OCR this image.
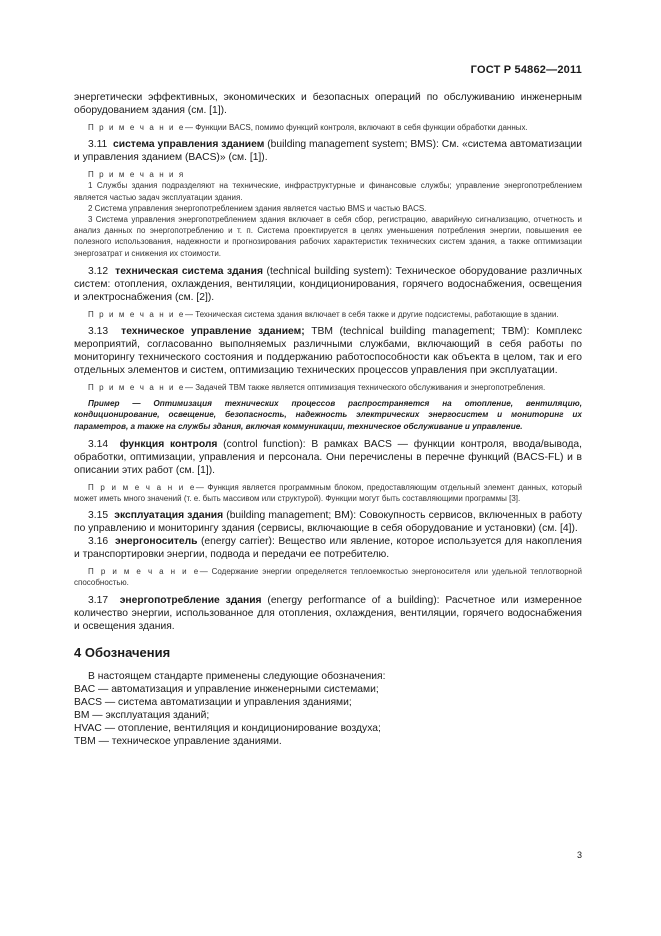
ГОСТ Р 54862—2011

энергетически эффективных, экономических и безопасных операций по обслуживанию инженерным оборудованием здания (см. [1]).

П р и м е ч а н и е— Функции BACS, помимо функций контроля, включают в себя функции обработки данных.

3.11 система управления зданием (building management system; BMS): См. «система автоматизации и управления зданием (BACS)» (см. [1]).

П р и м е ч а н и я

1 Службы здания подразделяют на технические, инфраструктурные и финансовые службы; управление энергопотреблением является частью задач эксплуатации здания.

2 Система управления энергопотреблением здания является частью BMS и частью BACS.

3 Система управления энергопотреблением здания включает в себя сбор, регистрацию, аварийную сигнализацию, отчетность и анализ данных по энергопотреблению и т. п. Система проектируется в целях уменьшения потребления энергии, повышения ее полезного использования, надежности и прогнозирования рабочих характеристик технических систем здания, а также оптимизации энергозатрат и снижения их стоимости.

3.12 техническая система здания (technical building system): Техническое оборудование различных систем: отопления, охлаждения, вентиляции, кондиционирования, горячего водоснабжения, освещения и электроснабжения (см. [2]).

П р и м е ч а н и е— Техническая система здания включает в себя также и другие подсистемы, работающие в здании.

3.13 техническое управление зданием; TBM (technical building management; TBM): Комплекс мероприятий, согласованно выполняемых различными службами, включающий в себя работы по мониторингу технического состояния и поддержанию работоспособности как объекта в целом, так и его отдельных элементов и систем, оптимизацию технических процессов управления при эксплуатации.

П р и м е ч а н и е— Задачей TBM также является оптимизация технического обслуживания и энергопотребления.

Пример — Оптимизация технических процессов распространяется на отопление, вентиляцию, кондиционирование, освещение, безопасность, надежность электрических энергосистем и мониторинг их параметров, а также на службы здания, включая коммуникации, техническое обслуживание и управление.

3.14 функция контроля (control function): В рамках BACS — функции контроля, ввода/вывода, обработки, оптимизации, управления и персонала. Они перечислены в перечне функций (BACS-FL) и в описании этих работ (см. [1]).

П р и м е ч а н и е— Функция является программным блоком, предоставляющим отдельный элемент данных, который может иметь много значений (т. е. быть массивом или структурой). Функции могут быть составляющими программы [3].

3.15 эксплуатация здания (building management; BM): Совокупность сервисов, включенных в работу по управлению и мониторингу здания (сервисы, включающие в себя оборудование и установки) (см. [4]).

3.16 энергоноситель (energy carrier): Вещество или явление, которое используется для накопления и транспортировки энергии, подвода и передачи ее потребителю.

П р и м е ч а н и е— Содержание энергии определяется теплоемкостью энергоносителя или удельной теплотворной способностью.

3.17 энергопотребление здания (energy performance of a building): Расчетное или измеренное количество энергии, использованное для отопления, охлаждения, вентиляции, горячего водоснабжения и освещения здания.

4 Обозначения
В настоящем стандарте применены следующие обозначения:
BAC — автоматизация и управление инженерными системами;
BACS — система автоматизации и управления зданиями;
BM — эксплуатация зданий;
HVAC — отопление, вентиляция и кондиционирование воздуха;
TBM — техническое управление зданиями.
3
